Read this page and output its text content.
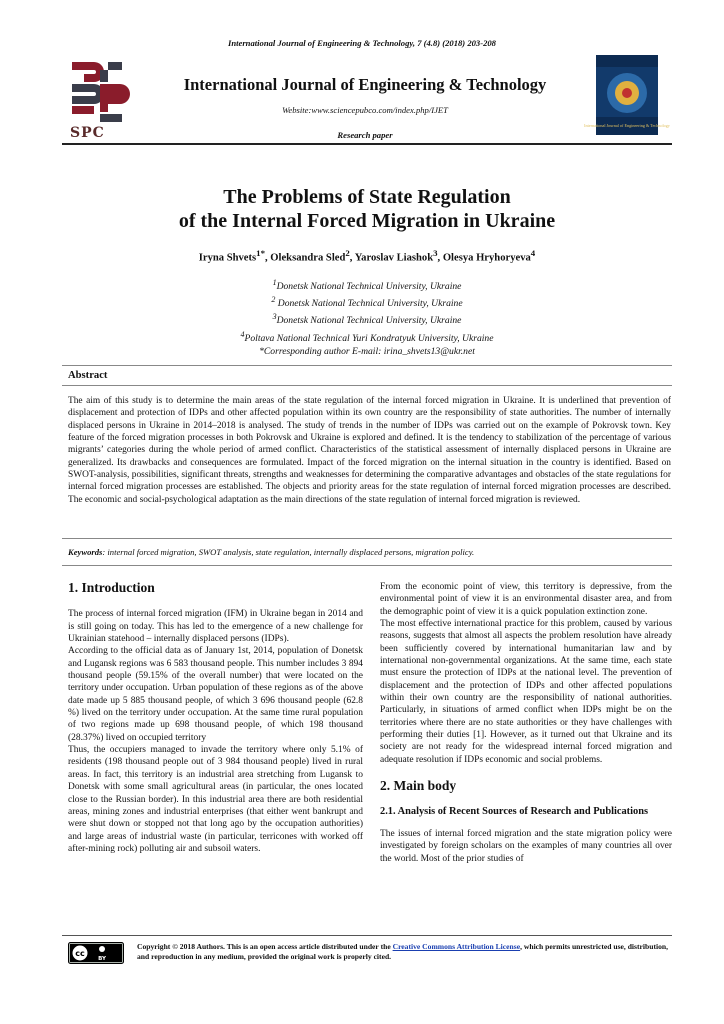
SPC	International Journal of Engineering & Technology
International Journal of Engineering & Technology, 7 (4.8) (2018) 203-208
International Journal of Engineering & Technology
Website:www.sciencepubco.com/index.php/IJET
Research paper
The Problems of State Regulation
of the Internal Forced Migration in Ukraine
Iryna Shvets$^{1*}$, Oleksandra Sled$^2$, Yaroslav Liashok$^3$, Olesya Hryhoryeva$^4$
$^1$Donetsk National Technical University, Ukraine
$^2$ Donetsk National Technical University, Ukraine
$^3$Donetsk National Technical University, Ukraine
$^4$Poltava National Technical Yuri Kondratyuk University, Ukraine
*Corresponding author E-mail: irina_shvets13@ukr.net
Abstract
The aim of this study is to determine the main areas of the state regulation of the internal forced migration in Ukraine. It is underlined that prevention of displacement and protection of IDPs and other affected population within its own country are the responsibility of state authorities. The number of internally displaced persons in Ukraine in 2014–2018 is analysed. The study of trends in the number of IDPs was carried out on the example of Pokrovsk town. Key feature of the forced migration processes in both Pokrovsk and Ukraine is explored and defined. It is the tendency to stabilization of the percentage of various migrants’ categories during the whole period of armed conflict. Characteristics of the statistical assessment of internally displaced persons in Ukraine are generalized. Its drawbacks and consequences are formulated. Impact of the forced migration on the internal situation in the country is identified. Based on SWOT-analysis, possibilities, significant threats, strengths and weaknesses for determining the comparative advantages and obstacles of the state regulations for internal forced migration processes are established. The objects and priority areas for the state regulation of internal forced migration processes are described. The economic and social-psychological adaptation as the main directions of the state regulation of internal forced migration is reviewed.
Keywords: internal forced migration, SWOT analysis, state regulation, internally displaced persons, migration policy.
1. Introduction

The process of internal forced migration (IFM) in Ukraine began in 2014 and is still going on today. This has led to the emergence of a new challenge for Ukrainian statehood – internally displaced persons (IDPs).

According to the official data as of January 1st, 2014, population of Donetsk and Lugansk regions was 6 583 thousand people. This number includes 3 894 thousand people (59.15% of the overall number) that were located on the territory under occupation. Urban population of these regions as of the above date made up 5 885 thousand people, of which 3 696 thousand people (62.8 %) lived on the territory under occupation. At the same time rural population of two regions made up 698 thousand people, of which 198 thousand (28.37%) lived on occupied territory

Thus, the occupiers managed to invade the territory where only 5.1% of residents (198 thousand people out of 3 984 thousand people) lived in rural areas. In fact, this territory is an industrial area stretching from Lugansk to Donetsk with some small agricultural areas (in particular, the ones located close to the Russian border). In this industrial area there are both residential areas, mining zones and industrial enterprises (that either went bankrupt and were shut down or stopped not that long ago by the occupation authorities) and large areas of industrial waste (in particular, terricones with worked off after-mining rock) polluting air and subsoil waters.

From the economic point of view, this territory is depressive, from the environmental point of view it is an environmental disaster area, and from the demographic point of view it is a quick population extinction zone.

The most effective international practice for this problem, caused by various reasons, suggests that almost all aspects the problem resolution have already been sufficiently covered by international humanitarian law and by international non-governmental organizations. At the same time, each state must ensure the protection of IDPs at the national level. The prevention of displacement and the protection of IDPs and other affected populations within their own country are the responsibility of national authorities. Particularly, in situations of armed conflict when IDPs might be on the territories where there are no state authorities or they have challenges with performing their duties [1]. However, as it turned out that Ukraine and its society are not ready for the widespread internal forced migration and adequate resolution if IDPs economic and social problems.

2. Main body
2.1. Analysis of Recent Sources of Research and Publications

The issues of internal forced migration and the state migration policy were investigated by foreign scholars on the examples of many countries all over the world. Most of the prior studies of

cc
BY
Copyright © 2018 Authors. This is an open access article distributed under the Creative Commons Attribution License, which permits unrestricted use, distribution, and reproduction in any medium, provided the original work is properly cited.
